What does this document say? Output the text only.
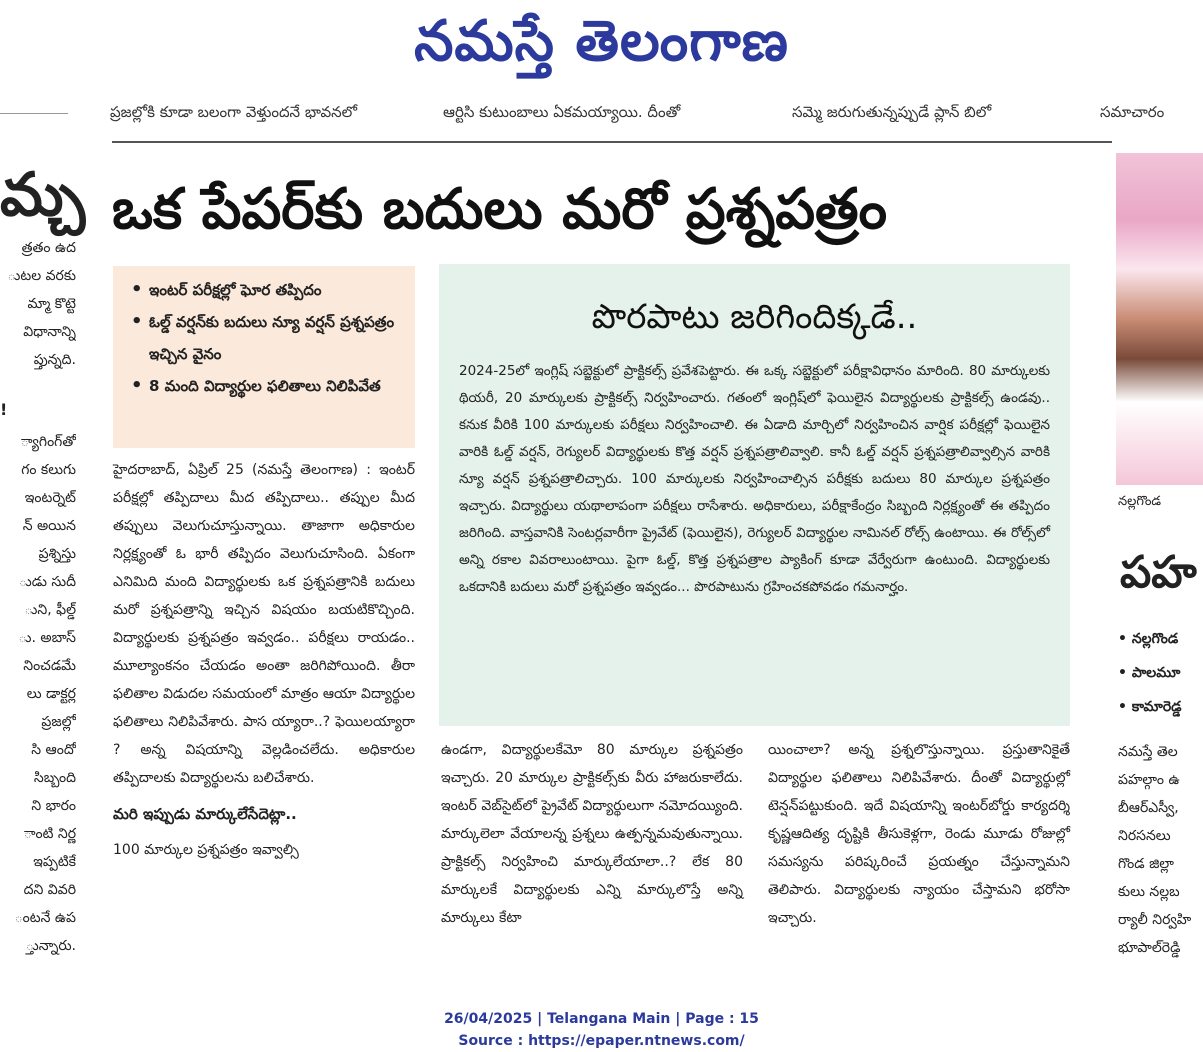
నమస్తే తెలంగాణ
ప్రజల్లోకి కూడా బలంగా వెళ్తుందనే భావనలో	ఆర్టిసి కుటుంబాలు ఏకమయ్యాయి. దీంతో	సమ్మె జరుగుతున్నప్పుడే ప్లాన్ బిలో	సమాచారం
మ్చ
త్రతం ఉద
ుటల వరకు
మ్మా కొట్టె
విధానాన్ని
ప్తున్నది.
!
్యాగింగ్‌తో
గం కలుగు
ఇంటర్నెట్
న్ అయిన
ప్రశ్నిస్తు
ుడు సుదీ
ుని, ఫీల్డ్
ు. అబాస్
నించడమే
లు డాక్టర్ల
ప్రజల్లో
సి ఆందో
సిబ్బంది
ని భారం
ాంటి నిర్ణ
ఇప్పటికే
దని వివరి
ంటనే ఉప
్తున్నారు.
ఒక పేపర్‌కు బదులు మరో ప్రశ్నపత్రం
• ఇంటర్ పరీక్షల్లో ఘోర తప్పిదం
• ఓల్డ్ వర్షన్‌కు బదులు న్యూ వర్షన్ ప్రశ్నపత్రం ఇచ్చిన వైనం
• 8 మంది విద్యార్థుల ఫలితాలు నిలిపివేత

హైదరాబాద్, ఏప్రిల్ 25 (నమస్తే తెలంగాణ) : ఇంటర్ పరీక్షల్లో తప్పిదాలు మీద తప్పిదాలు.. తప్పుల మీద తప్పులు వెలుగుచూస్తున్నాయి. తాజాగా అధికారుల నిర్లక్ష్యంతో ఓ భారీ తప్పిదం వెలుగుచూసింది. ఏకంగా ఎనిమిది మంది విద్యార్థులకు ఒక ప్రశ్నపత్రానికి బదులు మరో ప్రశ్నపత్రాన్ని ఇచ్చిన విషయం బయటికొచ్చింది. విద్యార్థులకు ప్రశ్నపత్రం ఇవ్వడం.. పరీక్షలు రాయడం.. మూల్యాంకనం చేయడం అంతా జరిగిపోయింది. తీరా ఫలితాల విడుదల సమయంలో మాత్రం ఆయా విద్యార్థుల ఫలితాలు నిలిపివేశారు. పాస య్యారా..? ఫెయిలయ్యారా ? అన్న విషయాన్ని వెల్లడించలేదు. అధికారుల తప్పిదాలకు విద్యార్థులను బలిచేశారు.

మరి ఇప్పుడు మార్కులేసేదెట్లా..

100 మార్కుల ప్రశ్నపత్రం ఇవ్వాల్సి

పొరపాటు జరిగిందిక్కడే..
2024-25లో ఇంగ్లిష్ సబ్జెక్టులో ప్రాక్టికల్స్ ప్రవేశపెట్టారు. ఈ ఒక్క సబ్జెక్టులో పరీక్షావిధానం మారింది. 80 మార్కులకు థియరీ, 20 మార్కులకు ప్రాక్టికల్స్ నిర్వహించారు. గతంలో ఇంగ్లిష్‌లో ఫెయిలైన విద్యార్థులకు ప్రాక్టికల్స్ ఉండవు.. కనుక వీరికి 100 మార్కులకు పరీక్షలు నిర్వహించాలి. ఈ ఏడాది మార్చిలో నిర్వహించిన వార్షిక పరీక్షల్లో ఫెయిలైన వారికి ఓల్డ్ వర్షన్, రెగ్యులర్ విద్యార్థులకు కొత్త వర్షన్ ప్రశ్నపత్రాలివ్వాలి. కానీ ఓల్డ్ వర్షన్ ప్రశ్నపత్రాలివ్వాల్సిన వారికి న్యూ వర్షన్ ప్రశ్నపత్రాలిచ్చారు. 100 మార్కులకు నిర్వహించాల్సిన పరీక్షకు బదులు 80 మార్కుల ప్రశ్నపత్రం ఇచ్చారు. విద్యార్థులు యథాలాపంగా పరీక్షలు రాసేశారు. అధికారులు, పరీక్షాకేంద్రం సిబ్బంది నిర్లక్ష్యంతో ఈ తప్పిదం జరిగింది. వాస్తవానికి సెంటర్లవారీగా ప్రైవేట్ (ఫెయిలైన), రెగ్యులర్ విద్యార్థుల నామినల్ రోల్స్ ఉంటాయి. ఈ రోల్స్‌లో అన్ని రకాల వివరాలుంటాయి. పైగా ఓల్డ్, కొత్త ప్రశ్నపత్రాల ప్యాకింగ్ కూడా వేర్వేరుగా ఉంటుంది. విద్యార్థులకు ఒకదానికి బదులు మరో ప్రశ్నపత్రం ఇవ్వడం... పొరపాటును గ్రహించకపోవడం గమనార్హం.

ఉండగా, విద్యార్థులకేమో 80 మార్కుల ప్రశ్నపత్రం ఇచ్చారు. 20 మార్కుల ప్రాక్టికల్స్‌కు వీరు హాజరుకాలేదు. ఇంటర్ వెబ్‌సైట్‌లో ప్రైవేట్ విద్యార్థులుగా నమోదయ్యింది. మార్కులెలా వేయాలన్న ప్రశ్నలు ఉత్పన్నమవుతున్నాయి. ప్రాక్టికల్స్ నిర్వహించి మార్కులేయాలా..? లేక 80 మార్కులకే విద్యార్థులకు ఎన్ని మార్కులొస్తే అన్ని మార్కులు కేటా

యించాలా? అన్న ప్రశ్నలొస్తున్నాయి. ప్రస్తుతానికైతే విద్యార్థుల ఫలితాలు నిలిపివేశారు. దీంతో విద్యార్థుల్లో టెన్షన్‌పట్టుకుంది. ఇదే విషయాన్ని ఇంటర్‌బోర్డు కార్యదర్శి కృష్ణఆదిత్య దృష్టికి తీసుకెళ్లగా, రెండు మూడు రోజుల్లో సమస్యను పరిష్కరించే ప్రయత్నం చేస్తున్నామని తెలిపారు. విద్యార్థులకు న్యాయం చేస్తామని భరోసా ఇచ్చారు.

నల్లగొండ
పహ
• నల్లగొండ
• పాలమూ
• కామారెడ్డ
నమస్తే తెల
పహల్గాం ఉ
బీఆర్ఎస్వీ,
నిరసనలు
గొండ జిల్లా
కులు నల్లబ
ర్యాలీ నిర్వహి
భూపాల్‌రెడ్డి
26/04/2025 | Telangana Main | Page : 15
Source : https://epaper.ntnews.com/
